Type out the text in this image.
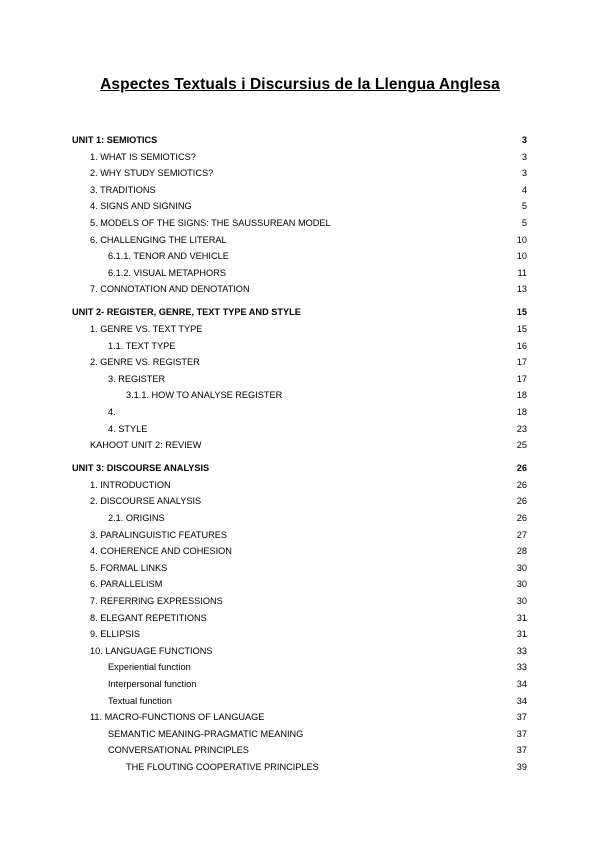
Aspectes Textuals i Discursius de la Llengua Anglesa
UNIT 1: SEMIOTICS	3
1. WHAT IS SEMIOTICS?	3
2. WHY STUDY SEMIOTICS?	3
3. TRADITIONS	4
4. SIGNS AND SIGNING	5
5. MODELS OF THE SIGNS: THE SAUSSUREAN MODEL	5
6. CHALLENGING THE LITERAL	10
6.1.1. TENOR AND VEHICLE	10
6.1.2. VISUAL METAPHORS	11
7. CONNOTATION AND DENOTATION	13
UNIT 2- REGISTER, GENRE, TEXT TYPE AND STYLE	15
1. GENRE VS. TEXT TYPE	15
1.1. TEXT TYPE	16
2. GENRE VS. REGISTER	17
3. REGISTER	17
3.1.1. HOW TO ANALYSE REGISTER	18
4.	18
4. STYLE	23
KAHOOT UNIT 2: REVIEW	25
UNIT 3: DISCOURSE ANALYSIS	26
1. INTRODUCTION	26
2. DISCOURSE ANALYSIS	26
2.1. ORIGINS	26
3. PARALINGUISTIC FEATURES	27
4. COHERENCE AND COHESION	28
5. FORMAL LINKS	30
6. PARALLELISM	30
7. REFERRING EXPRESSIONS	30
8. ELEGANT REPETITIONS	31
9. ELLIPSIS	31
10. LANGUAGE FUNCTIONS	33
Experiential function	33
Interpersonal function	34
Textual function	34
11. MACRO-FUNCTIONS OF LANGUAGE	37
SEMANTIC MEANING-PRAGMATIC MEANING	37
CONVERSATIONAL PRINCIPLES	37
THE FLOUTING COOPERATIVE PRINCIPLES	39
